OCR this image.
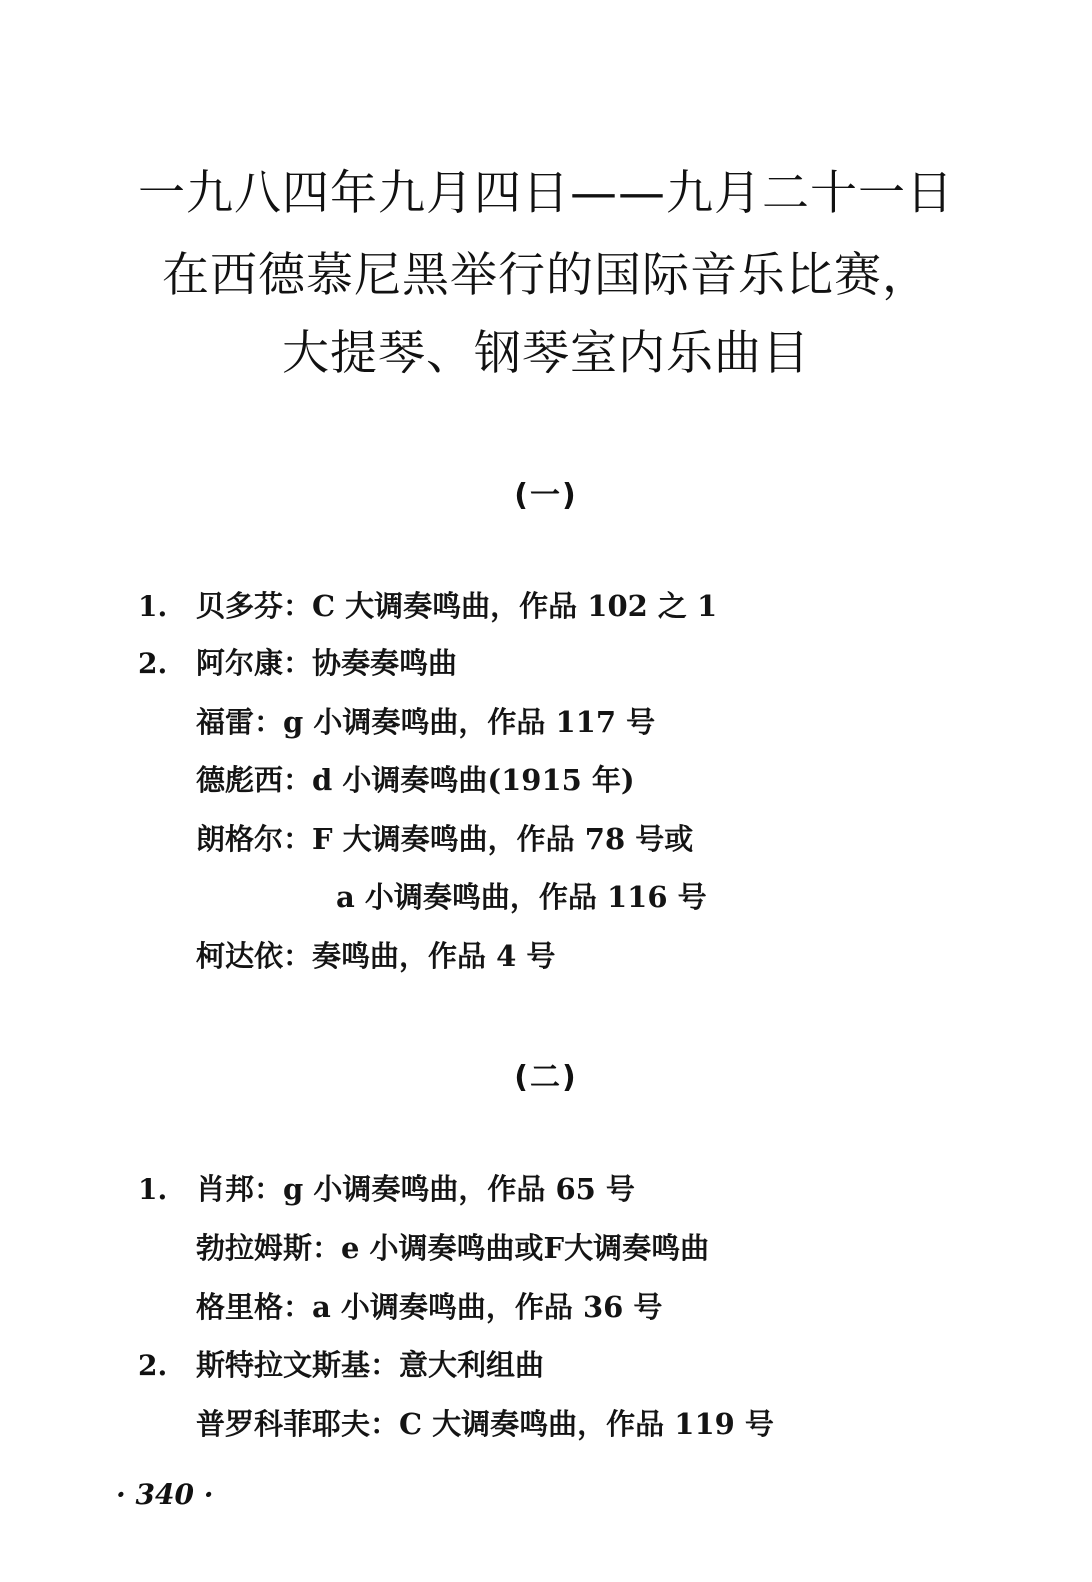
一九八四年九月四日——九月二十一日
在西德慕尼黑举行的国际音乐比赛，
大提琴、钢琴室内乐曲目
(一)
1. 贝多芬：C 大调奏鸣曲，作品 102 之 1
2. 阿尔康：协奏奏鸣曲
福雷：g 小调奏鸣曲，作品 117 号
德彪西：d 小调奏鸣曲(1915 年)
朗格尔：F 大调奏鸣曲，作品 78 号或
a 小调奏鸣曲，作品 116 号
柯达依：奏鸣曲，作品 4 号
(二)
1. 肖邦：g 小调奏鸣曲，作品 65 号
勃拉姆斯：e 小调奏鸣曲或F大调奏鸣曲
格里格：a 小调奏鸣曲，作品 36 号
2. 斯特拉文斯基：意大利组曲
普罗科菲耶夫：C 大调奏鸣曲，作品 119 号
· 340 ·
